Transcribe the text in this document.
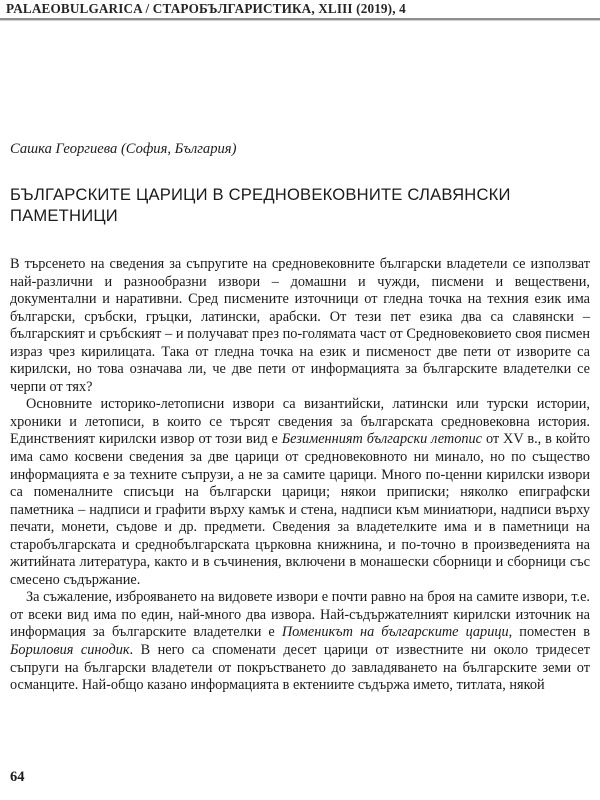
PALAEOBULGARICA / СТАРОБЪЛГАРИСТИКА, XLIII (2019), 4
Сашка Георгиева (София, България)
БЪЛГАРСКИТЕ ЦАРИЦИ В СРЕДНОВЕКОВНИТЕ СЛАВЯНСКИ ПАМЕТНИЦИ

В търсенето на сведения за съпругите на средновековните български владетели се използват най-различни и разнообразни извори – домашни и чужди, писмени и веществени, документални и наративни. Сред писмените източници от гледна точка на техния език има български, сръбски, гръцки, латински, арабски. От тези пет езика два са славянски – българският и сръбският – и получават през по-голямата част от Средновековието своя писмен израз чрез кирилицата. Така от гледна точка на език и писменост две пети от изворите са кирилски, но това означава ли, че две пети от информацията за българските владетелки се черпи от тях?

Основните историко-летописни извори са византийски, латински или турски истории, хроники и летописи, в които се търсят сведения за българската средновековна история. Единственият кирилски извор от този вид е Безименният български летопис от XV в., в който има само косвени сведения за две царици от средновековното ни минало, но по същество информацията е за техните съпрузи, а не за самите царици. Много по-ценни кирилски извори са поменалните списъци на български царици; някои приписки; няколко епиграфски паметника – надписи и графити върху камък и стена, надписи към миниатюри, надписи върху печати, монети, съдове и др. предмети. Сведения за владетелките има и в паметници на старобългарската и среднобългарската църковна книжнина, и по-точно в произведенията на житийната литература, както и в съчинения, включени в монашески сборници и сборници със смесено съдържание.

За съжаление, изброяването на видовете извори е почти равно на броя на самите извори, т.е. от всеки вид има по един, най-много два извора. Най-съдържателният кирилски източник на информация за българските владетелки е Поменикът на българските царици, поместен в Бориловия синодик. В него са споменати десет царици от известните ни около тридесет съпруги на български владетели от покръстването до завладяването на българските земи от османците. Най-общо казано информацията в ектениите съдържа името, титлата, някой

64
